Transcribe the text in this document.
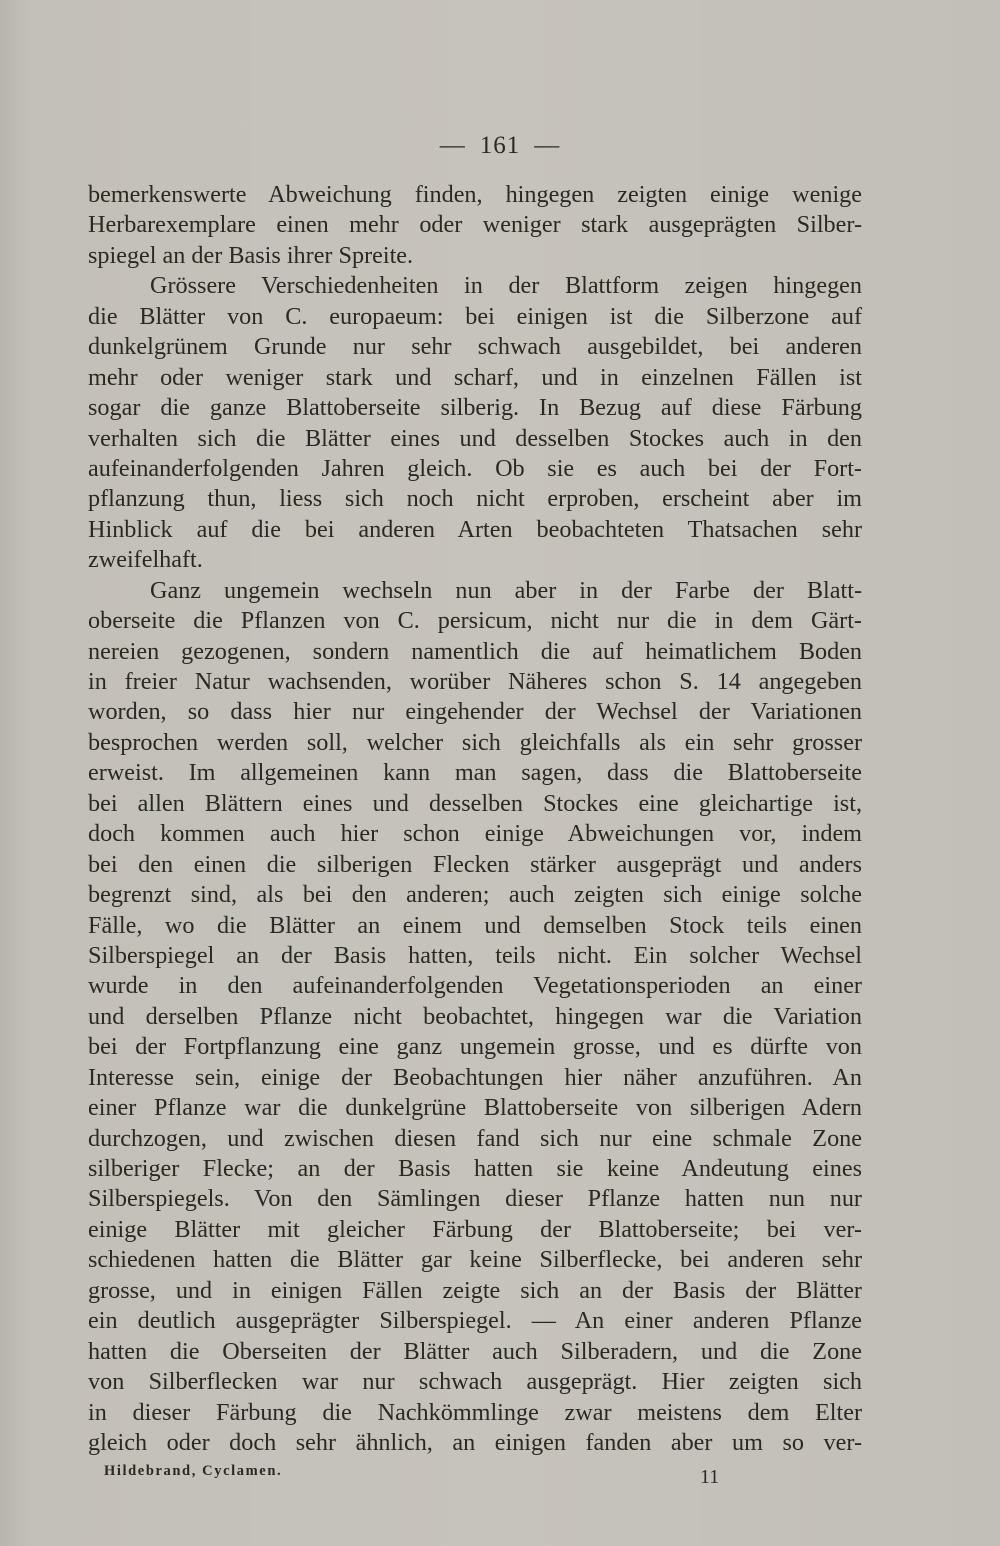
— 161 —
bemerkenswerte Abweichung finden, hingegen zeigten einige wenige
Herbarexemplare einen mehr oder weniger stark ausgeprägten Silber-
spiegel an der Basis ihrer Spreite.
Grössere Verschiedenheiten in der Blattform zeigen hingegen
die Blätter von C. europaeum: bei einigen ist die Silberzone auf
dunkelgrünem Grunde nur sehr schwach ausgebildet, bei anderen
mehr oder weniger stark und scharf, und in einzelnen Fällen ist
sogar die ganze Blattoberseite silberig. In Bezug auf diese Färbung
verhalten sich die Blätter eines und desselben Stockes auch in den
aufeinanderfolgenden Jahren gleich. Ob sie es auch bei der Fort-
pflanzung thun, liess sich noch nicht erproben, erscheint aber im
Hinblick auf die bei anderen Arten beobachteten Thatsachen sehr
zweifelhaft.
Ganz ungemein wechseln nun aber in der Farbe der Blatt-
oberseite die Pflanzen von C. persicum, nicht nur die in dem Gärt-
nereien gezogenen, sondern namentlich die auf heimatlichem Boden
in freier Natur wachsenden, worüber Näheres schon S. 14 angegeben
worden, so dass hier nur eingehender der Wechsel der Variationen
besprochen werden soll, welcher sich gleichfalls als ein sehr grosser
erweist. Im allgemeinen kann man sagen, dass die Blattoberseite
bei allen Blättern eines und desselben Stockes eine gleichartige ist,
doch kommen auch hier schon einige Abweichungen vor, indem
bei den einen die silberigen Flecken stärker ausgeprägt und anders
begrenzt sind, als bei den anderen; auch zeigten sich einige solche
Fälle, wo die Blätter an einem und demselben Stock teils einen
Silberspiegel an der Basis hatten, teils nicht. Ein solcher Wechsel
wurde in den aufeinanderfolgenden Vegetationsperioden an einer
und derselben Pflanze nicht beobachtet, hingegen war die Variation
bei der Fortpflanzung eine ganz ungemein grosse, und es dürfte von
Interesse sein, einige der Beobachtungen hier näher anzuführen. An
einer Pflanze war die dunkelgrüne Blattoberseite von silberigen Adern
durchzogen, und zwischen diesen fand sich nur eine schmale Zone
silberiger Flecke; an der Basis hatten sie keine Andeutung eines
Silberspiegels. Von den Sämlingen dieser Pflanze hatten nun nur
einige Blätter mit gleicher Färbung der Blattoberseite; bei ver-
schiedenen hatten die Blätter gar keine Silberflecke, bei anderen sehr
grosse, und in einigen Fällen zeigte sich an der Basis der Blätter
ein deutlich ausgeprägter Silberspiegel. — An einer anderen Pflanze
hatten die Oberseiten der Blätter auch Silberadern, und die Zone
von Silberflecken war nur schwach ausgeprägt. Hier zeigten sich
in dieser Färbung die Nachkömmlinge zwar meistens dem Elter
gleich oder doch sehr ähnlich, an einigen fanden aber um so ver-
Hildebrand, Cyclamen.	11
